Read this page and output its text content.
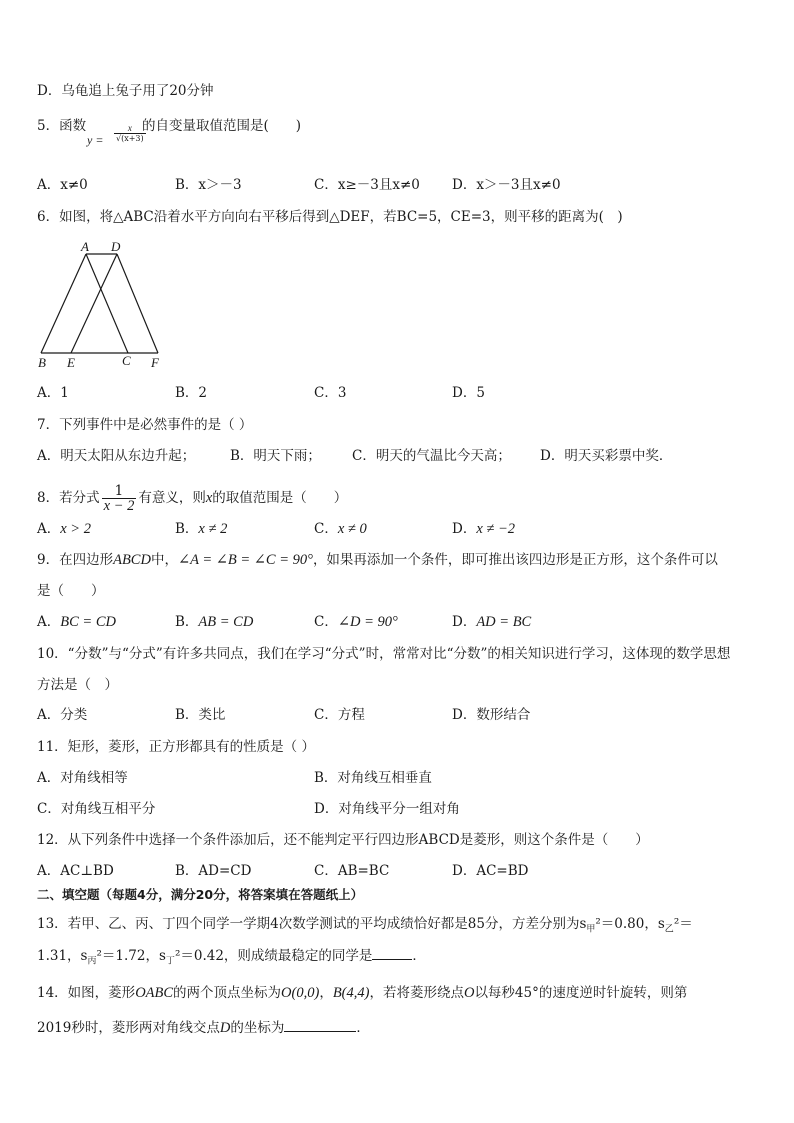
D．乌龟追上兔子用了20分钟
5．函数
$y = \frac{x}{√(x+3)}$
的自变量取值范围是(　　)
A．x≠0	B．x＞－3	C．x≥－3且x≠0 D．x＞－3且x≠0
6．如图，将△ABC沿着水平方向向右平移后得到△DEF，若BC=5，CE=3，则平移的距离为(　)
A D
B E	C F
A．1	B．2	C．3	D．5
7．下列事件中是必然事件的是（ ）
A．明天太阳从东边升起；	B．明天下雨； C．明天的气温比今天高； D．明天买彩票中奖．
8．若分式 $\frac{1}{x - 2}$ 有意义，则x的取值范围是（　　）
A．x > 2	B．x ≠ 2	C．x ≠ 0	D．x ≠ −2
9．在四边形ABCD中，∠A = ∠B = ∠C = 90°，如果再添加一个条件，即可推出该四边形是正方形，这个条件可以
是（　　）
A．BC = CD	B．AB = CD	C．∠D = 90°	D．AD = BC
10．“分数”与“分式”有许多共同点，我们在学习“分式”时，常常对比“分数”的相关知识进行学习，这体现的数学思想
方法是（　）
A．分类	B．类比	C．方程	D．数形结合
11．矩形，菱形，正方形都具有的性质是（ ）
A．对角线相等	B．对角线互相垂直
C．对角线互相平分	D．对角线平分一组对角
12．从下列条件中选择一个条件添加后，还不能判定平行四边形ABCD是菱形，则这个条件是（　　）
A．AC⊥BD	B．AD=CD	C．AB=BC	D．AC=BD
二、填空题（每题4分，满分20分，将答案填在答题纸上）
13．若甲、乙、丙、丁四个同学一学期4次数学测试的平均成绩恰好都是85分，方差分别为$s_甲^2=0.80$，$s_乙^2=$
1.31，$s_丙^2=1.72$，$s_丁^2=0.42$，则成绩最稳定的同学是	．
14．如图，菱形OABC的两个顶点坐标为O(0,0)，B(4,4)，若将菱形绕点O以每秒45°的速度逆时针旋转，则第
2019秒时，菱形两对角线交点D的坐标为	．
